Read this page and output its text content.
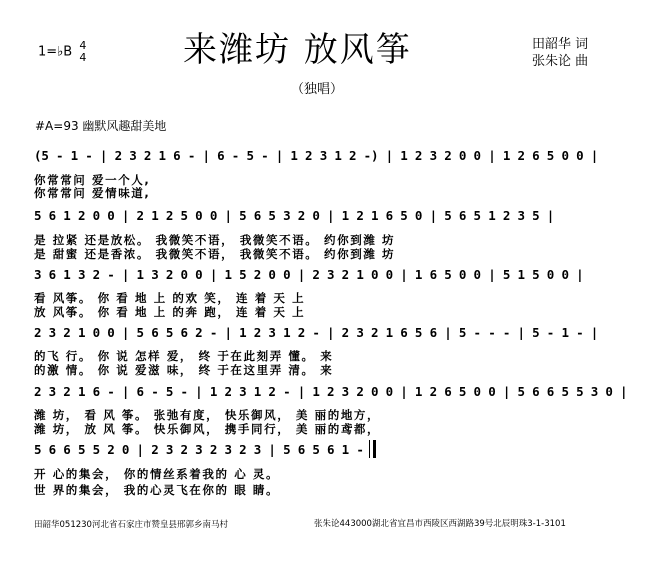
1=♭B 4
4	来潍坊 放风筝	田韶华 词
张朱论 曲
（独唱）
#A=93 幽默风趣甜美地
(5 - 1 - | 2 3 2 1 6 - | 6 - 5 - | 1 2 3 1 2 -) | 1 2 3 2 0 0 | 1 2 6 5 0 0 |
你常常问 爱一个人,
你常常问 爱情味道,
5 6 1 2 0 0 | 2 1 2 5 0 0 | 5 6 5 3 2 0 | 1 2 1 6 5 0 | 5 6 5 1 2 3 5 |
是 拉紧 还是放松。 我微笑不语， 我微笑不语。 约你到潍 坊
是 甜蜜 还是香浓。 我微笑不语， 我微笑不语。 约你到潍 坊
3 6 1 3 2 - | 1 3 2 0 0 | 1 5 2 0 0 | 2 3 2 1 0 0 | 1 6 5 0 0 | 5 1 5 0 0 |
看 风筝。 你 看 地 上 的欢 笑， 连 着 天 上
放 风筝。 你 看 地 上 的奔 跑， 连 着 天 上
2 3 2 1 0 0 | 5 6 5 6 2 - | 1 2 3 1 2 - | 2 3 2 1 6 5 6 | 5 - - - | 5 - 1 - |
的飞 行。 你 说 怎样 爱， 终 于在此刻弄 懂。 来
的激 情。 你 说 爱滋 味， 终 于在这里弄 清。 来
2 3 2 1 6 - | 6 - 5 - | 1 2 3 1 2 - | 1 2 3 2 0 0 | 1 2 6 5 0 0 | 5 6 6 5 5 3 0 |
潍 坊， 看 风 筝。 张弛有度， 快乐御风， 美 丽的地方，
潍 坊， 放 风 筝。 快乐御风， 携手同行， 美 丽的鸢都，
5 6 6 5 5 2 0 | 2 3 2 3 2 3 2 3 | 5 6 5 6 1 -
开 心的集会， 你的情丝系着我的 心 灵。
世 界的集会， 我的心灵飞在你的 眼 睛。
田韶华051230河北省石家庄市赞皇县邢郭乡南马村	张朱论443000湖北省宜昌市西陵区西湖路39号北辰明珠3-1-3101
